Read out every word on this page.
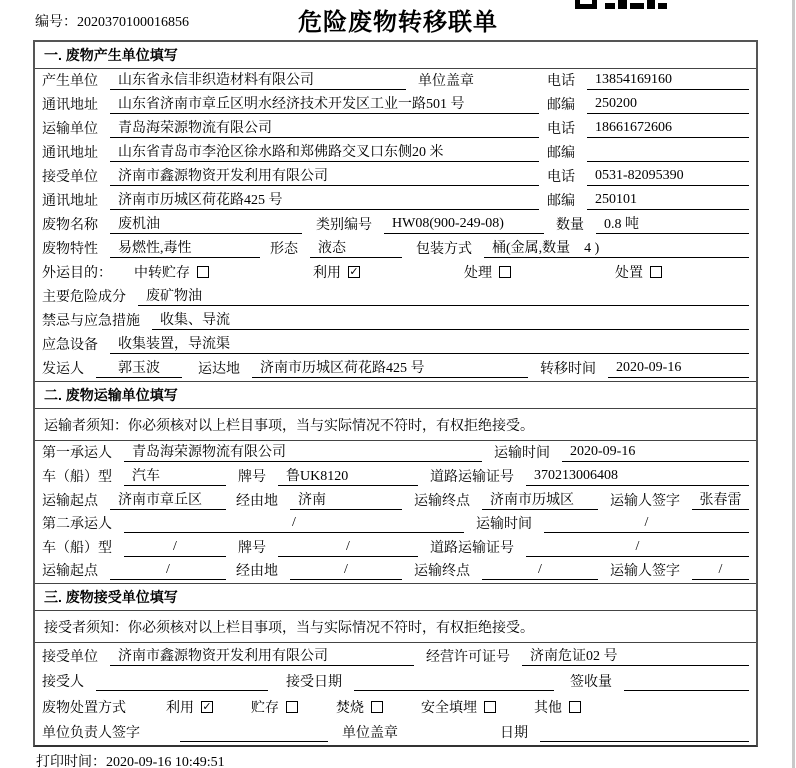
编号：2020370100016856	危险废物转移联单
一. 废物产生单位填写
产生单位	山东省永信非织造材料有限公司	单位盖章	电话	13854169160
通讯地址	山东省济南市章丘区明水经济技术开发区工业一路501 号	邮编	250200
运输单位	青岛海荣源物流有限公司	电话	18661672606
通讯地址	山东省青岛市李沧区徐水路和郑佛路交叉口东侧20 米	邮编
接受单位	济南市鑫源物资开发利用有限公司	电话	0531-82095390
通讯地址	济南市历城区荷花路425 号	邮编	250101
废物名称	废机油	类别编号	HW08(900-249-08)	数量	0.8 吨
废物特性	易燃性,毒性	形态	液态	包装方式	桶(金属,数量　4 )
外运目的： 中转贮存	利用 ✓	处理	处置
主要危险成分	废矿物油
禁忌与应急措施	收集、导流
应急设备	收集装置，导流渠
发运人	郭玉波	运达地	济南市历城区荷花路425 号	转移时间	2020-09-16
二. 废物运输单位填写
运输者须知：你必须核对以上栏目事项，当与实际情况不符时，有权拒绝接受。
第一承运人	青岛海荣源物流有限公司	运输时间	2020-09-16
车（船）型	汽车	牌号	鲁UK8120	道路运输证号	370213006408
运输起点	济南市章丘区	经由地	济南	运输终点	济南市历城区	运输人签字	张春雷
第二承运人	/	运输时间	/
车（船）型	/	牌号	/	道路运输证号	/
运输起点	/	经由地	/	运输终点	/	运输人签字	/
三. 废物接受单位填写
接受者须知：你必须核对以上栏目事项，当与实际情况不符时，有权拒绝接受。
接受单位	济南市鑫源物资开发利用有限公司	经营许可证号	济南危证02 号
接受人	接受日期	签收量
废物处置方式	利用 ✓	贮存	焚烧	安全填埋	其他
单位负责人签字	单位盖章	日期
打印时间：2020-09-16 10:49:51
